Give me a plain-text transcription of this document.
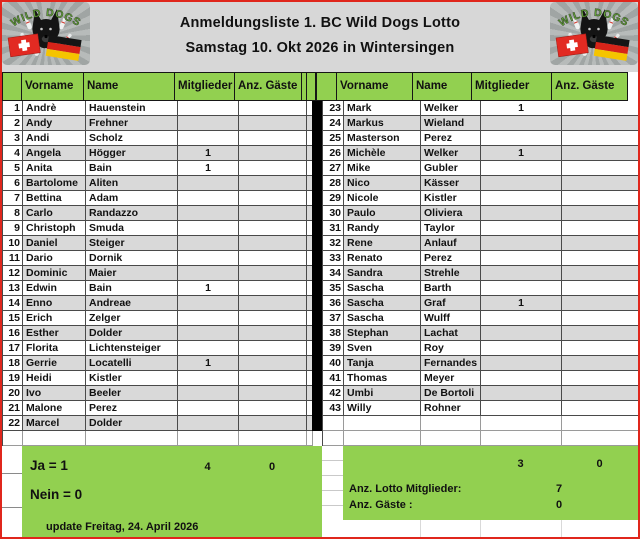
Anmeldungsliste 1. BC Wild Dogs Lotto
Samstag 10. Okt 2026 in Wintersingen
Vorname	Name	Mitglieder Anz. Gäste	Vorname	Name	Mitglieder	Anz. Gäste
1 Andrè	Hauenstein
2 Andy	Frehner
3 Andi	Scholz
4 Angela	Högger	1
5 Anita	Bain	1
6 Bartolome	Aliten
7 Bettina	Adam
8 Carlo	Randazzo
9 Christoph	Smuda
10 Daniel	Steiger
11 Dario	Dornik
12 Dominic	Maier
13 Edwin	Bain	1
14 Enno	Andreae
15 Erich	Zelger
16 Esther	Dolder
17 Florita	Lichtensteiger
18 Gerrie	Locatelli	1
19 Heidi	Kistler
20 Ivo	Beeler
21 Malone	Perez
22 Marcel	Dolder
23 Mark	Welker	1
24 Markus	Wieland
25 Masterson	Perez
26 Michèle	Welker	1
27 Mike	Gubler
28 Nico	Kässer
29 Nicole	Kistler
30 Paulo	Oliviera
31 Randy	Taylor
32 Rene	Anlauf
33 Renato	Perez
34 Sandra	Strehle
35 Sascha	Barth
36 Sascha	Graf	1
37 Sascha	Wulff
38 Stephan	Lachat
39 Sven	Roy
40 Tanja	Fernandes
41 Thomas	Meyer
42 Umbi	De Bortoli
43 Willy	Rohner
Ja = 1	4	0
Nein = 0
update Freitag, 24. April 2026
3	0
Anz. Lotto Mitglieder:	7
Anz. Gäste :	0
